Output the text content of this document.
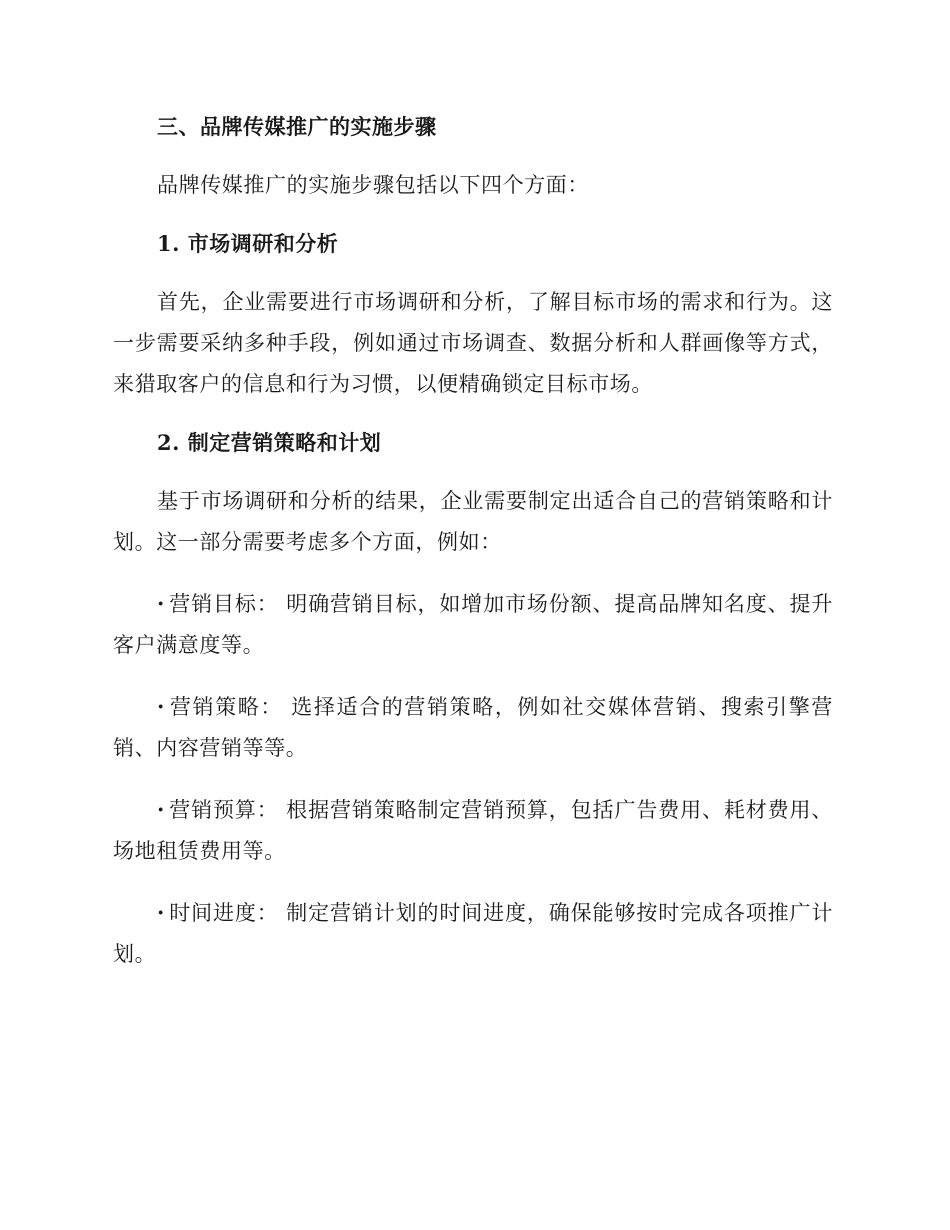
三、品牌传媒推广的实施步骤

品牌传媒推广的实施步骤包括以下四个方面：

1. 市场调研和分析

首先，企业需要进行市场调研和分析，了解目标市场的需求和行为。这一步需要采纳多种手段，例如通过市场调查、数据分析和人群画像等方式，来猎取客户的信息和行为习惯，以便精确锁定目标市场。

2. 制定营销策略和计划

基于市场调研和分析的结果，企业需要制定出适合自己的营销策略和计划。这一部分需要考虑多个方面，例如：

· 营销目标： 明确营销目标，如增加市场份额、提高品牌知名度、提升客户满意度等。

· 营销策略： 选择适合的营销策略，例如社交媒体营销、搜索引擎营销、内容营销等等。

· 营销预算： 根据营销策略制定营销预算，包括广告费用、耗材费用、场地租赁费用等。

· 时间进度： 制定营销计划的时间进度，确保能够按时完成各项推广计划。
